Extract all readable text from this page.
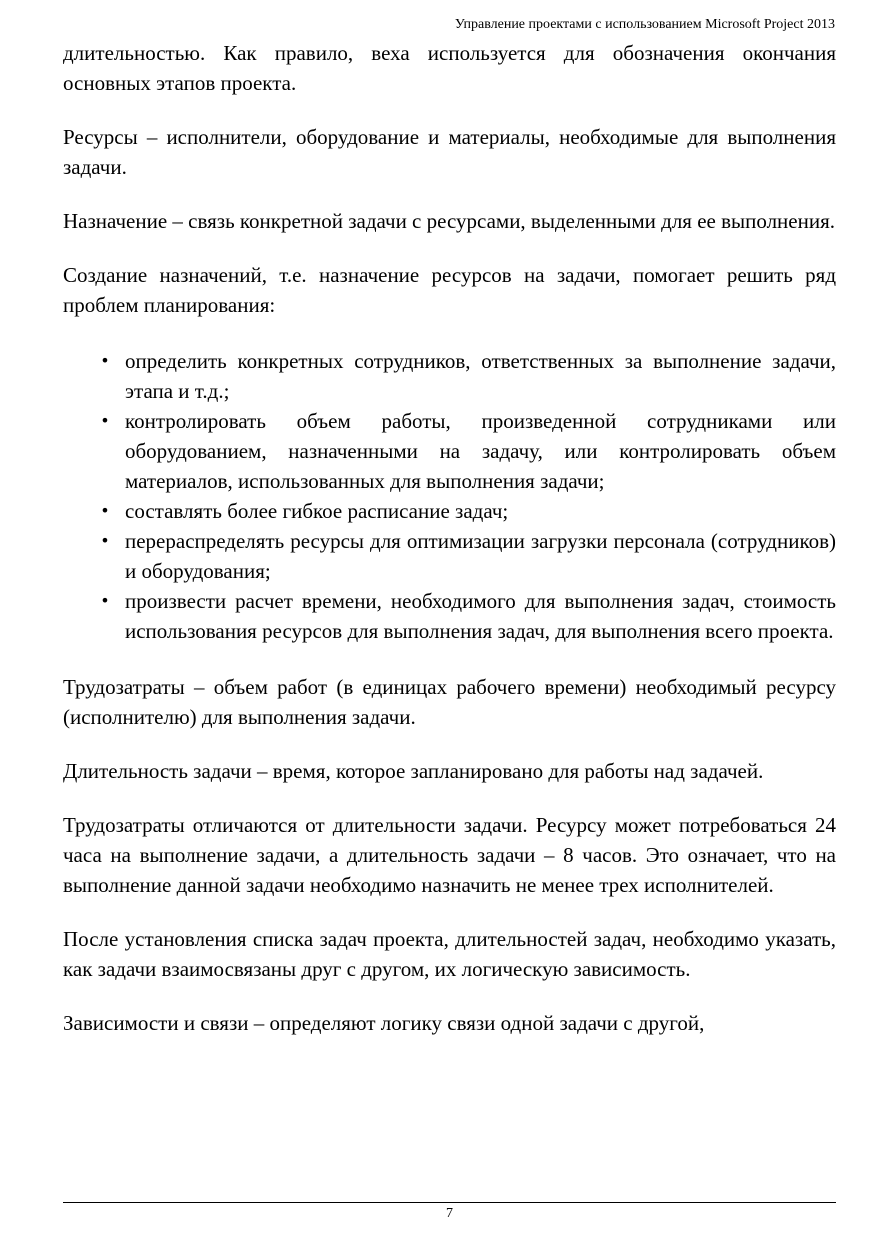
Управление проектами с использованием Microsoft Project 2013

длительностью. Как правило, веха используется для обозначения окончания основных этапов проекта.

Ресурсы – исполнители, оборудование и материалы, необходимые для выполнения задачи.

Назначение – связь конкретной задачи с ресурсами, выделенными для ее выполнения.

Создание назначений, т.е. назначение ресурсов на задачи, помогает решить ряд проблем планирования:

• определить конкретных сотрудников, ответственных за выполнение задачи, этапа и т.д.;
• контролировать объем работы, произведенной сотрудниками или оборудованием, назначенными на задачу, или контролировать объем материалов, использованных для выполнения задачи;
• составлять более гибкое расписание задач;
• перераспределять ресурсы для оптимизации загрузки персонала (сотрудников) и оборудования;
• произвести расчет времени, необходимого для выполнения задач, стоимость использования ресурсов для выполнения задач, для выполнения всего проекта.

Трудозатраты – объем работ (в единицах рабочего времени) необходимый ресурсу (исполнителю) для выполнения задачи.

Длительность задачи – время, которое запланировано для работы над задачей.

Трудозатраты отличаются от длительности задачи. Ресурсу может потребоваться 24 часа на выполнение задачи, а длительность задачи – 8 часов. Это означает, что на выполнение данной задачи необходимо назначить не менее трех исполнителей.

После установления списка задач проекта, длительностей задач, необходимо указать, как задачи взаимосвязаны друг с другом, их логическую зависимость.

Зависимости и связи – определяют логику связи одной задачи с другой,

7
